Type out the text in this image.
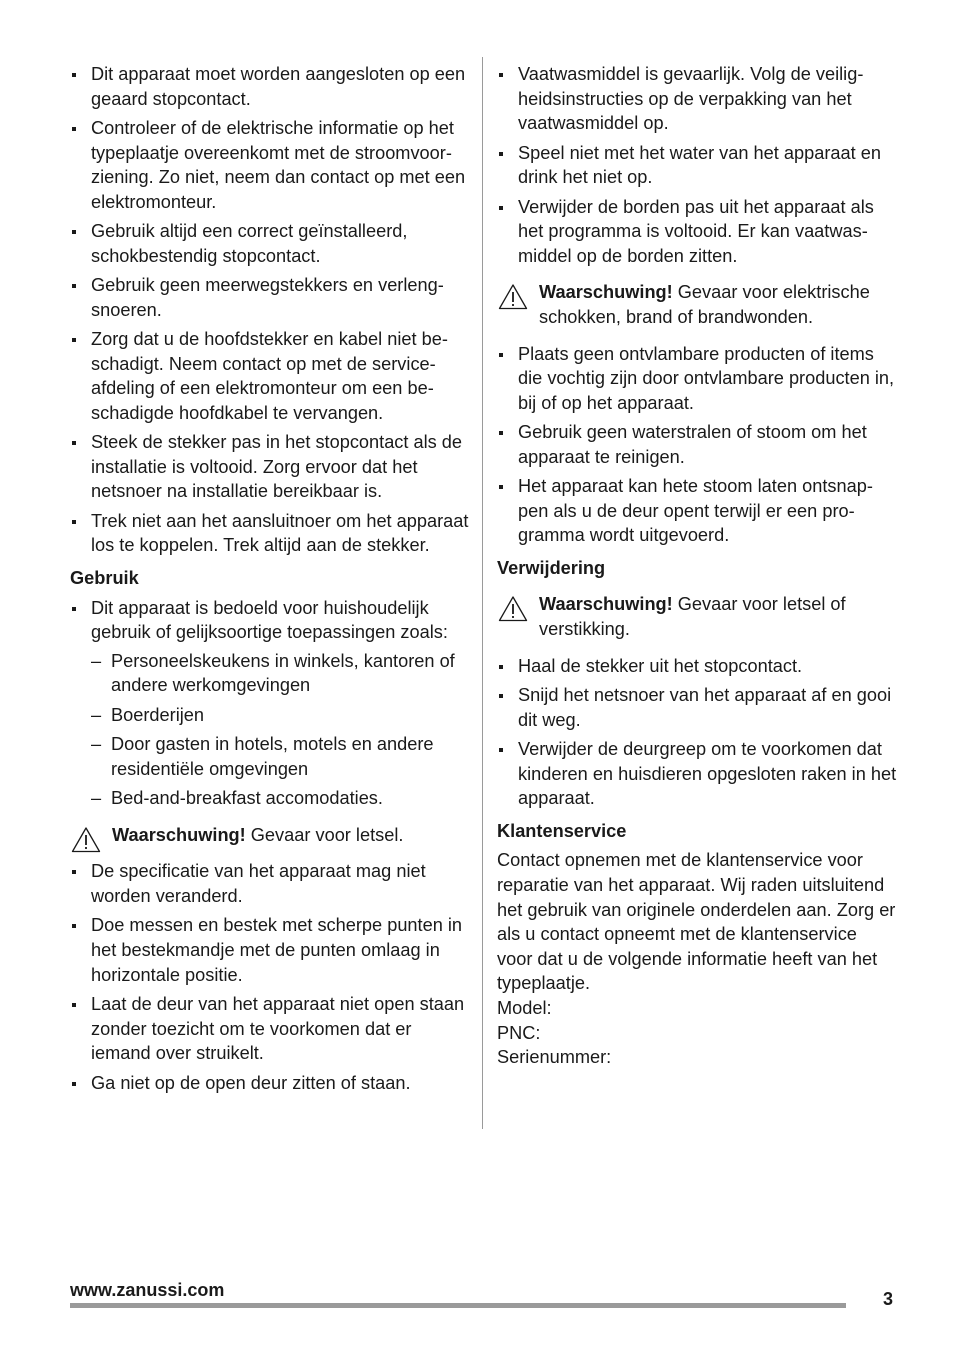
Dit apparaat moet worden aangesloten op een geaard stopcontact.
Controleer of de elektrische informatie op het typeplaatje overeenkomt met de stroomvoorziening. Zo niet, neem dan contact op met een elektromonteur.
Gebruik altijd een correct geïnstalleerd, schokbestendig stopcontact.
Gebruik geen meerwegstekkers en verlengsnoeren.
Zorg dat u de hoofdstekker en kabel niet beschadigt. Neem contact op met de serviceafdeling of een elektromonteur om een beschadigde hoofdkabel te vervangen.
Steek de stekker pas in het stopcontact als de installatie is voltooid. Zorg ervoor dat het netsnoer na installatie bereikbaar is.
Trek niet aan het aansluitnoer om het apparaat los te koppelen. Trek altijd aan de stekker.
Gebruik
Dit apparaat is bedoeld voor huishoudelijk gebruik of gelijksoortige toepassingen zoals:
– Personeelskeukens in winkels, kantoren of andere werkomgevingen
– Boerderijen
– Door gasten in hotels, motels en andere residentiële omgevingen
– Bed-and-breakfast accomodaties.
Waarschuwing! Gevaar voor letsel.
De specificatie van het apparaat mag niet worden veranderd.
Doe messen en bestek met scherpe punten in het bestekmandje met de punten omlaag in horizontale positie.
Laat de deur van het apparaat niet open staan zonder toezicht om te voorkomen dat er iemand over struikelt.
Ga niet op de open deur zitten of staan.
Vaatwasmiddel is gevaarlijk. Volg de veiligheidsinstructies op de verpakking van het vaatwasmiddel op.
Speel niet met het water van het apparaat en drink het niet op.
Verwijder de borden pas uit het apparaat als het programma is voltooid. Er kan vaatwasmiddel op de borden zitten.
Waarschuwing! Gevaar voor elektrische schokken, brand of brandwonden.
Plaats geen ontvlambare producten of items die vochtig zijn door ontvlambare producten in, bij of op het apparaat.
Gebruik geen waterstralen of stoom om het apparaat te reinigen.
Het apparaat kan hete stoom laten ontsnappen als u de deur opent terwijl er een programma wordt uitgevoerd.
Verwijdering
Waarschuwing! Gevaar voor letsel of verstikking.
Haal de stekker uit het stopcontact.
Snijd het netsnoer van het apparaat af en gooi dit weg.
Verwijder de deurgreep om te voorkomen dat kinderen en huisdieren opgesloten raken in het apparaat.
Klantenservice

Contact opnemen met de klantenservice voor reparatie van het apparaat. Wij raden uitsluitend het gebruik van originele onderdelen aan. Zorg er als u contact opneemt met de klantenservice voor dat u de volgende informatie heeft van het typeplaatje.

Model:

PNC:

Serienummer:

www.zanussi.com	3
